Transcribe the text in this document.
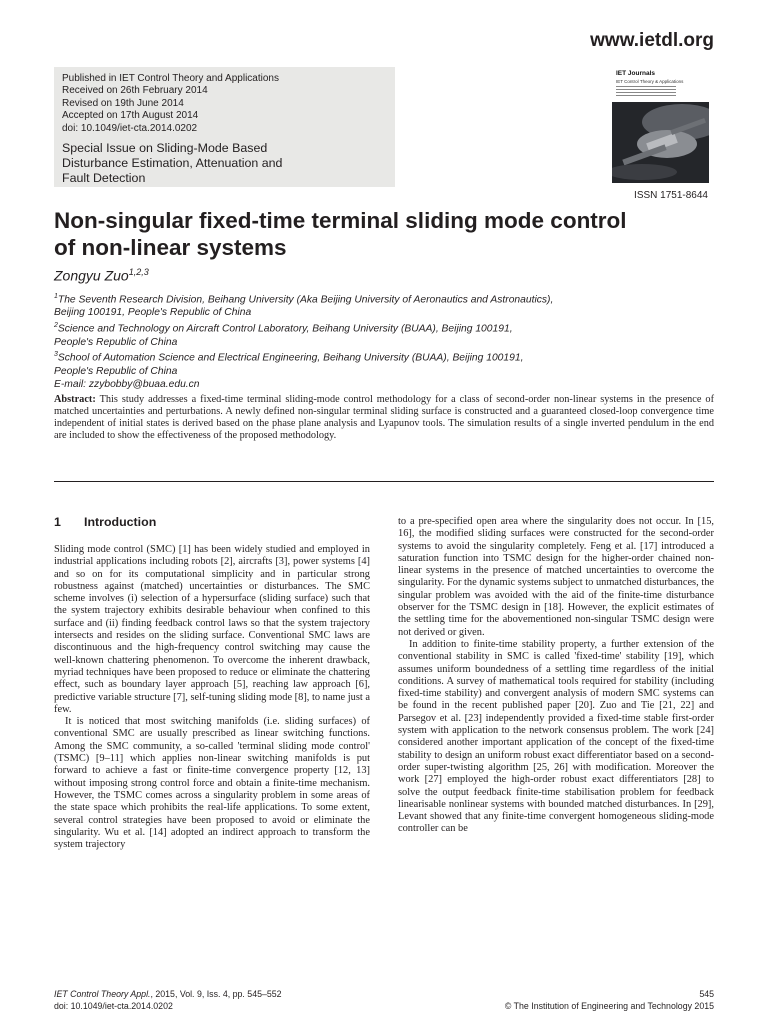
www.ietdl.org
Published in IET Control Theory and Applications
Received on 26th February 2014
Revised on 19th June 2014
Accepted on 17th August 2014
doi: 10.1049/iet-cta.2014.0202
Special Issue on Sliding-Mode Based
Disturbance Estimation, Attenuation and
Fault Detection
IET Journals
IET Control Theory & Applications
ISSN 1751-8644
Non-singular fixed-time terminal sliding mode control
of non-linear systems
Zongyu Zuo$^{1,2,3}$
$^1$The Seventh Research Division, Beihang University (Aka Beijing University of Aeronautics and Astronautics),
Beijing 100191, People's Republic of China
$^2$Science and Technology on Aircraft Control Laboratory, Beihang University (BUAA), Beijing 100191,
People's Republic of China
$^3$School of Automation Science and Electrical Engineering, Beihang University (BUAA), Beijing 100191,
People's Republic of China
E-mail: zzybobby@buaa.edu.cn
Abstract: This study addresses a fixed-time terminal sliding-mode control methodology for a class of second-order non-linear systems in the presence of matched uncertainties and perturbations. A newly defined non-singular terminal sliding surface is constructed and a guaranteed closed-loop convergence time independent of initial states is derived based on the phase plane analysis and Lyapunov tools. The simulation results of a single inverted pendulum in the end are included to show the effectiveness of the proposed methodology.
1 Introduction

Sliding mode control (SMC) [1] has been widely studied and employed in industrial applications including robots [2], aircrafts [3], power systems [4] and so on for its computational simplicity and in particular strong robustness against (matched) uncertainties or disturbances. The SMC scheme involves (i) selection of a hypersurface (sliding surface) such that the system trajectory exhibits desirable behaviour when confined to this surface and (ii) finding feedback control laws so that the system trajectory intersects and resides on the sliding surface. Conventional SMC laws are discontinuous and the high-frequency control switching may cause the well-known chattering phenomenon. To overcome the inherent drawback, myriad techniques have been proposed to reduce or eliminate the chattering effect, such as boundary layer approach [5], reaching law approach [6], predictive variable structure [7], self-tuning sliding mode [8], to name just a few.

It is noticed that most switching manifolds (i.e. sliding surfaces) of conventional SMC are usually prescribed as linear switching functions. Among the SMC community, a so-called 'terminal sliding mode control' (TSMC) [9–11] which applies non-linear switching manifolds is put forward to achieve a fast or finite-time convergence property [12, 13] without imposing strong control force and obtain a finite-time mechanism. However, the TSMC comes across a singularity problem in some areas of the state space which prohibits the real-life applications. To some extent, several control strategies have been proposed to avoid or eliminate the singularity. Wu et al. [14] adopted an indirect approach to transform the system trajectory

to a pre-specified open area where the singularity does not occur. In [15, 16], the modified sliding surfaces were constructed for the second-order systems to avoid the singularity completely. Feng et al. [17] introduced a saturation function into TSMC design for the higher-order chained non-linear systems in the presence of matched uncertainties to overcome the singularity. For the dynamic systems subject to unmatched disturbances, the singular problem was avoided with the aid of the finite-time disturbance observer for the TSMC design in [18]. However, the explicit estimates of the settling time for the abovementioned non-singular TSMC design were not derived or given.

In addition to finite-time stability property, a further extension of the conventional stability in SMC is called 'fixed-time' stability [19], which assumes uniform boundedness of a settling time regardless of the initial conditions. A survey of mathematical tools required for stability (including fixed-time stability) and convergent analysis of modern SMC systems can be found in the recent published paper [20]. Zuo and Tie [21, 22] and Parsegov et al. [23] independently provided a fixed-time stable first-order system with application to the network consensus problem. The work [24] considered another important application of the concept of the fixed-time stability to design an uniform robust exact differentiator based on a second-order super-twisting algorithm [25, 26] with modification. Moreover the work [27] employed the high-order robust exact differentiators [28] to solve the output feedback finite-time stabilisation problem for feedback linearisable nonlinear systems with bounded matched disturbances. In [29], Levant showed that any finite-time convergent homogeneous sliding-mode controller can be

IET Control Theory Appl., 2015, Vol. 9, Iss. 4, pp. 545–552
doi: 10.1049/iet-cta.2014.0202
545
© The Institution of Engineering and Technology 2015
